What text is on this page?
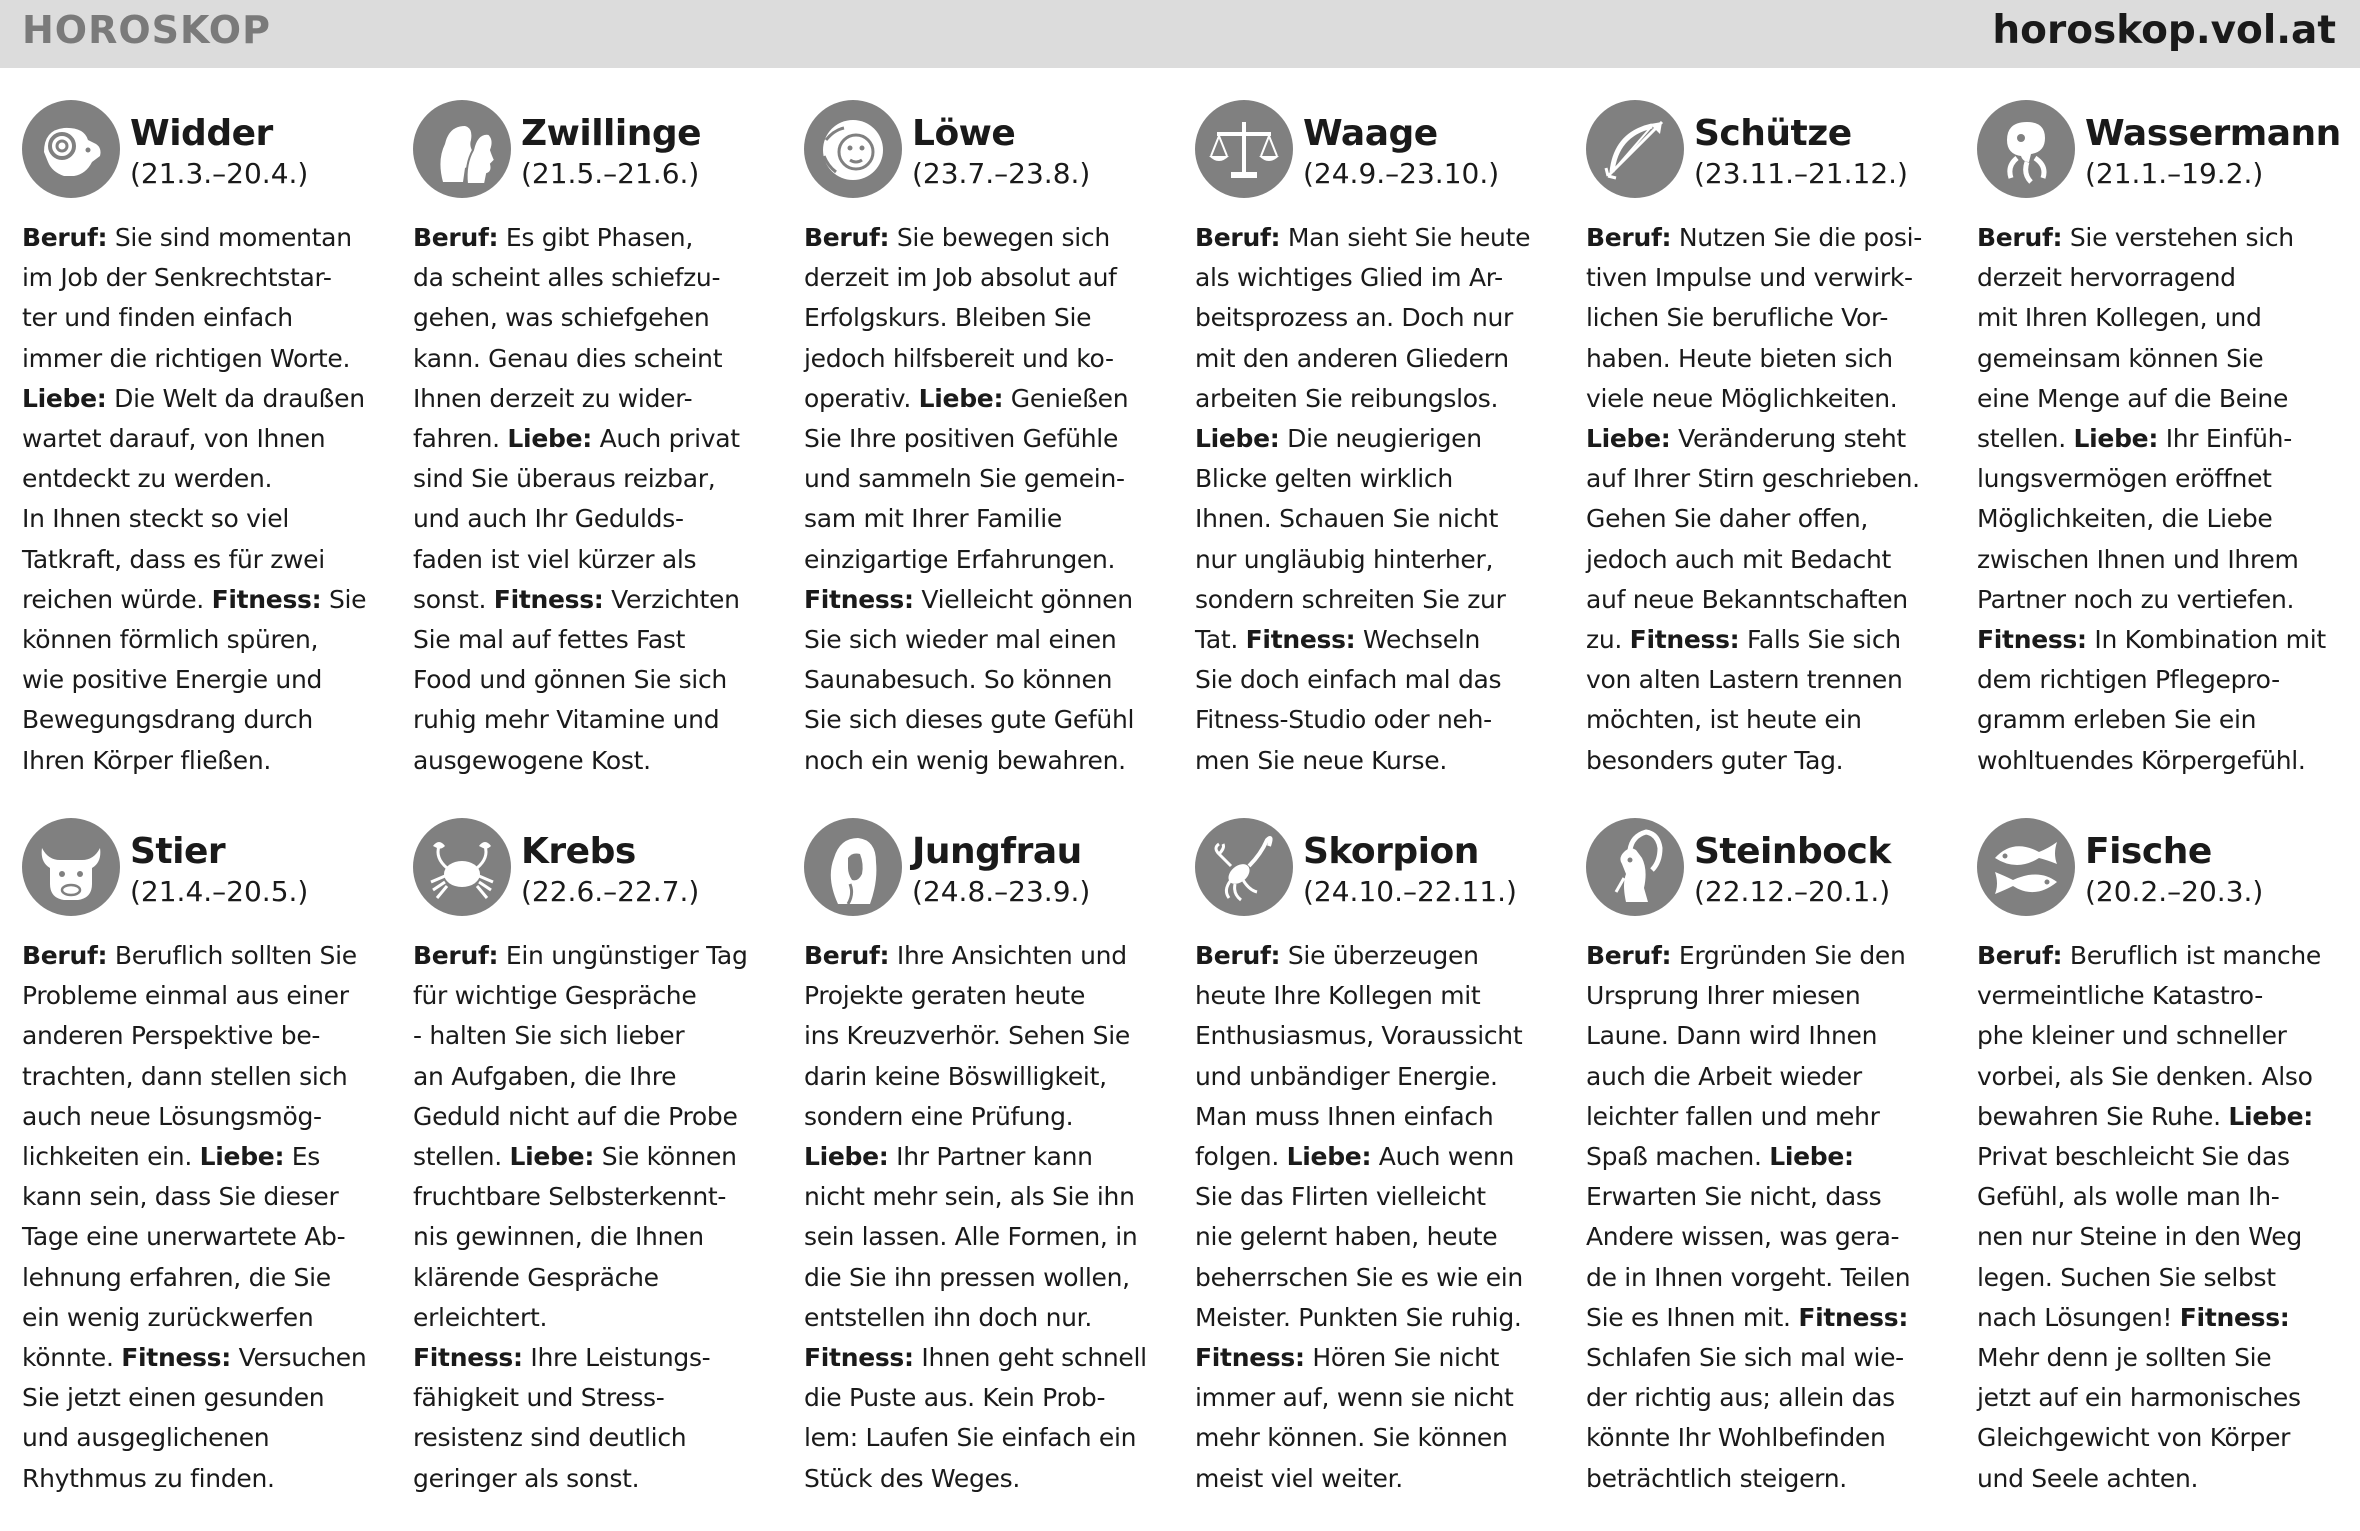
HOROSKOP	horoskop.vol.at
Widder
(21.3.–20.4.)

Beruf: Sie sind momentan
im Job der Senkrechtstar-
ter und finden einfach
immer die richtigen Worte.
Liebe: Die Welt da draußen
wartet darauf, von Ihnen
entdeckt zu werden.
In Ihnen steckt so viel
Tatkraft, dass es für zwei
reichen würde. Fitness: Sie
können förmlich spüren,
wie positive Energie und
Bewegungsdrang durch
Ihren Körper fließen.

Zwillinge
(21.5.–21.6.)

Beruf: Es gibt Phasen,
da scheint alles schiefzu-
gehen, was schiefgehen
kann. Genau dies scheint
Ihnen derzeit zu wider-
fahren. Liebe: Auch privat
sind Sie überaus reizbar,
und auch Ihr Gedulds-
faden ist viel kürzer als
sonst. Fitness: Verzichten
Sie mal auf fettes Fast
Food und gönnen Sie sich
ruhig mehr Vitamine und
ausgewogene Kost.

Löwe
(23.7.–23.8.)

Beruf: Sie bewegen sich
derzeit im Job absolut auf
Erfolgskurs. Bleiben Sie
jedoch hilfsbereit und ko-
operativ. Liebe: Genießen
Sie Ihre positiven Gefühle
und sammeln Sie gemein-
sam mit Ihrer Familie
einzigartige Erfahrungen.
Fitness: Vielleicht gönnen
Sie sich wieder mal einen
Saunabesuch. So können
Sie sich dieses gute Gefühl
noch ein wenig bewahren.

Waage
(24.9.–23.10.)

Beruf: Man sieht Sie heute
als wichtiges Glied im Ar-
beitsprozess an. Doch nur
mit den anderen Gliedern
arbeiten Sie reibungslos.
Liebe: Die neugierigen
Blicke gelten wirklich
Ihnen. Schauen Sie nicht
nur ungläubig hinterher,
sondern schreiten Sie zur
Tat. Fitness: Wechseln
Sie doch einfach mal das
Fitness-Studio oder neh-
men Sie neue Kurse.

Schütze
(23.11.–21.12.)

Beruf: Nutzen Sie die posi-
tiven Impulse und verwirk-
lichen Sie berufliche Vor-
haben. Heute bieten sich
viele neue Möglichkeiten.
Liebe: Veränderung steht
auf Ihrer Stirn geschrieben.
Gehen Sie daher offen,
jedoch auch mit Bedacht
auf neue Bekanntschaften
zu. Fitness: Falls Sie sich
von alten Lastern trennen
möchten, ist heute ein
besonders guter Tag.

Wassermann
(21.1.–19.2.)

Beruf: Sie verstehen sich
derzeit hervorragend
mit Ihren Kollegen, und
gemeinsam können Sie
eine Menge auf die Beine
stellen. Liebe: Ihr Einfüh-
lungsvermögen eröffnet
Möglichkeiten, die Liebe
zwischen Ihnen und Ihrem
Partner noch zu vertiefen.
Fitness: In Kombination mit
dem richtigen Pflegepro-
gramm erleben Sie ein
wohltuendes Körpergefühl.

Stier
(21.4.–20.5.)

Beruf: Beruflich sollten Sie
Probleme einmal aus einer
anderen Perspektive be-
trachten, dann stellen sich
auch neue Lösungsmög-
lichkeiten ein. Liebe: Es
kann sein, dass Sie dieser
Tage eine unerwartete Ab-
lehnung erfahren, die Sie
ein wenig zurückwerfen
könnte. Fitness: Versuchen
Sie jetzt einen gesunden
und ausgeglichenen
Rhythmus zu finden.

Krebs
(22.6.–22.7.)

Beruf: Ein ungünstiger Tag
für wichtige Gespräche
- halten Sie sich lieber
an Aufgaben, die Ihre
Geduld nicht auf die Probe
stellen. Liebe: Sie können
fruchtbare Selbsterkennt-
nis gewinnen, die Ihnen
klärende Gespräche
erleichtert.
Fitness: Ihre Leistungs-
fähigkeit und Stress-
resistenz sind deutlich
geringer als sonst.

Jungfrau
(24.8.–23.9.)

Beruf: Ihre Ansichten und
Projekte geraten heute
ins Kreuzverhör. Sehen Sie
darin keine Böswilligkeit,
sondern eine Prüfung.
Liebe: Ihr Partner kann
nicht mehr sein, als Sie ihn
sein lassen. Alle Formen, in
die Sie ihn pressen wollen,
entstellen ihn doch nur.
Fitness: Ihnen geht schnell
die Puste aus. Kein Prob-
lem: Laufen Sie einfach ein
Stück des Weges.

Skorpion
(24.10.–22.11.)

Beruf: Sie überzeugen
heute Ihre Kollegen mit
Enthusiasmus, Voraussicht
und unbändiger Energie.
Man muss Ihnen einfach
folgen. Liebe: Auch wenn
Sie das Flirten vielleicht
nie gelernt haben, heute
beherrschen Sie es wie ein
Meister. Punkten Sie ruhig.
Fitness: Hören Sie nicht
immer auf, wenn sie nicht
mehr können. Sie können
meist viel weiter.

Steinbock
(22.12.–20.1.)

Beruf: Ergründen Sie den
Ursprung Ihrer miesen
Laune. Dann wird Ihnen
auch die Arbeit wieder
leichter fallen und mehr
Spaß machen. Liebe:
Erwarten Sie nicht, dass
Andere wissen, was gera-
de in Ihnen vorgeht. Teilen
Sie es Ihnen mit. Fitness:
Schlafen Sie sich mal wie-
der richtig aus; allein das
könnte Ihr Wohlbefinden
beträchtlich steigern.

Fische
(20.2.–20.3.)

Beruf: Beruflich ist manche
vermeintliche Katastro-
phe kleiner und schneller
vorbei, als Sie denken. Also
bewahren Sie Ruhe. Liebe:
Privat beschleicht Sie das
Gefühl, als wolle man Ih-
nen nur Steine in den Weg
legen. Suchen Sie selbst
nach Lösungen! Fitness:
Mehr denn je sollten Sie
jetzt auf ein harmonisches
Gleichgewicht von Körper
und Seele achten.
